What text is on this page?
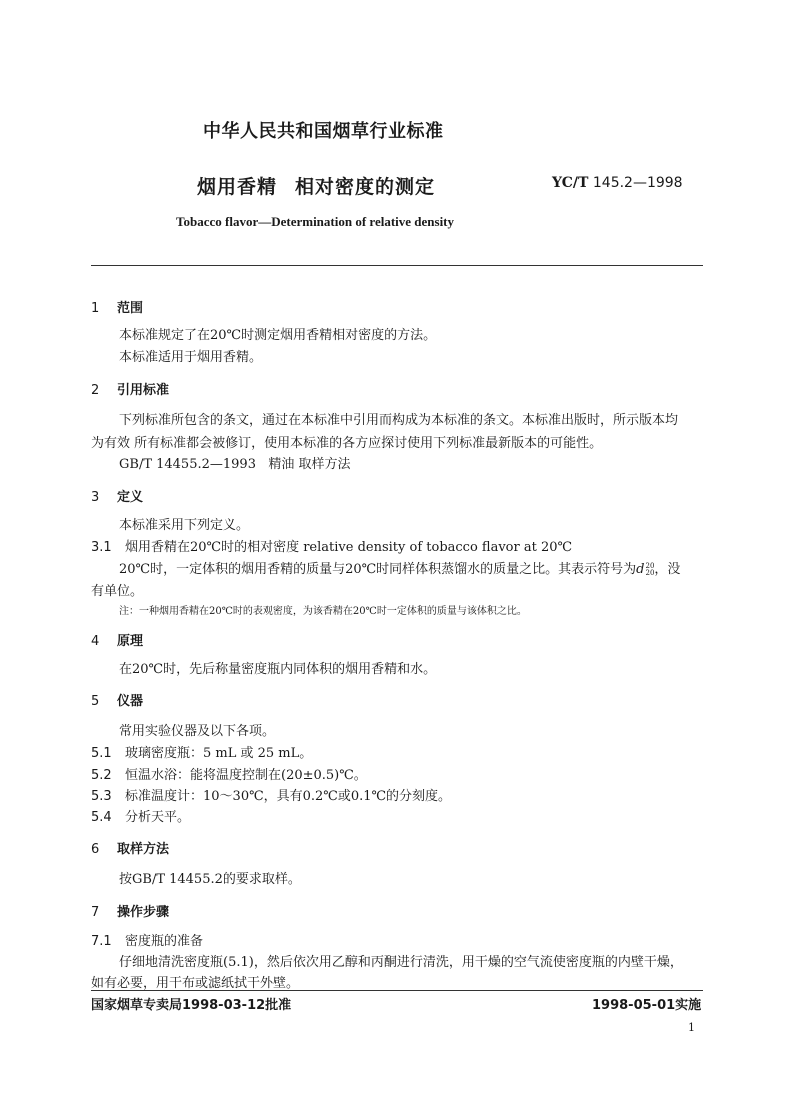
中华人民共和国烟草行业标准
烟用香精 相对密度的测定	YC/T 145.2—1998
Tobacco flavor—Determination of relative density
1 范围
本标准规定了在20℃时测定烟用香精相对密度的方法。
本标准适用于烟用香精。
2 引用标准
下列标准所包含的条文，通过在本标准中引用而构成为本标准的条文。本标准出版时，所示版本均
为有效 所有标准都会被修订，使用本标准的各方应探讨使用下列标准最新版本的可能性。
GB/T 14455.2—1993 精油 取样方法
3 定义
本标准采用下列定义。
3.1 烟用香精在20℃时的相对密度 relative density of tobacco flavor at 20℃
20℃时，一定体积的烟用香精的质量与20℃时同样体积蒸馏水的质量之比。其表示符号为d20
20，没
有单位。
注：一种烟用香精在20℃时的表观密度，为该香精在20℃时一定体积的质量与该体积之比。
4 原理
在20℃时，先后称量密度瓶内同体积的烟用香精和水。
5 仪器
常用实验仪器及以下各项。
5.1 玻璃密度瓶：5 mL 或 25 mL。
5.2 恒温水浴：能将温度控制在(20±0.5)℃。
5.3 标准温度计：10～30℃，具有0.2℃或0.1℃的分刻度。
5.4 分析天平。
6 取样方法
按GB/T 14455.2的要求取样。
7 操作步骤
7.1 密度瓶的准备
仔细地清洗密度瓶(5.1)，然后依次用乙醇和丙酮进行清洗，用干燥的空气流使密度瓶的内壁干燥，
如有必要，用干布或滤纸拭干外壁。
国家烟草专卖局1998-03-12批准	1998-05-01实施
1
